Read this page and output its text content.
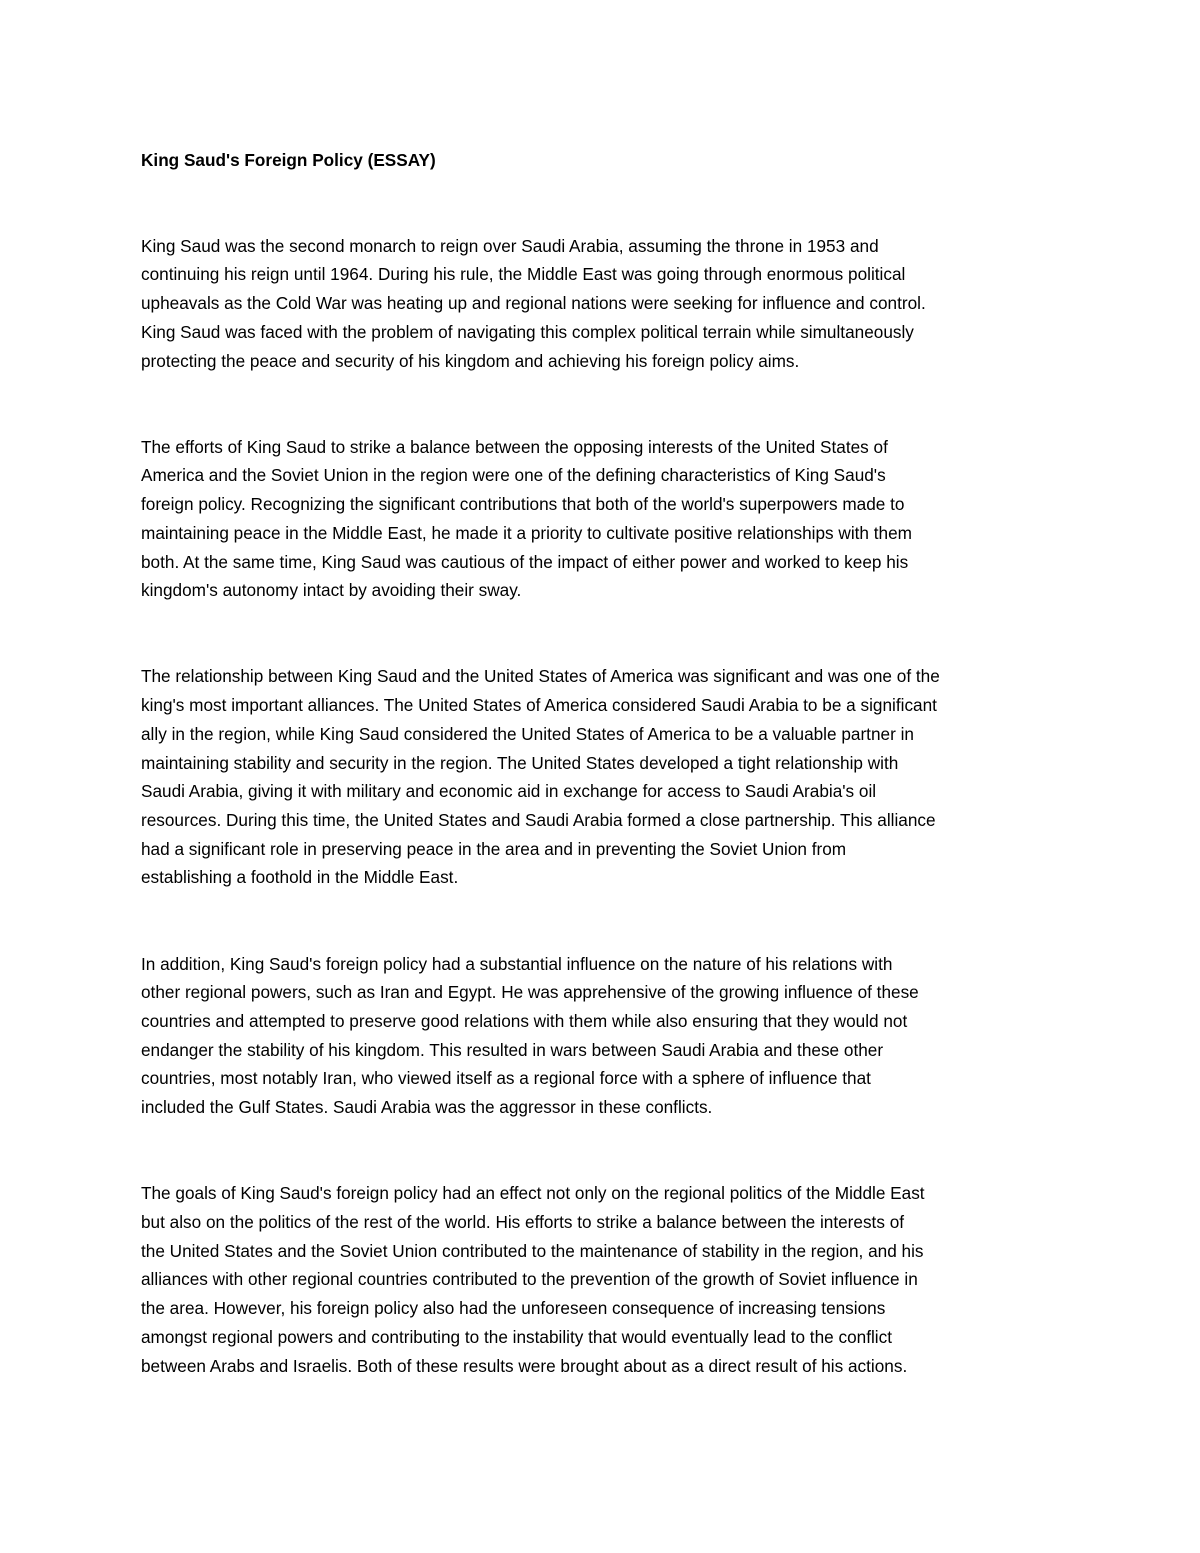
King Saud's Foreign Policy (ESSAY)
King Saud was the second monarch to reign over Saudi Arabia, assuming the throne in 1953 and
continuing his reign until 1964. During his rule, the Middle East was going through enormous political
upheavals as the Cold War was heating up and regional nations were seeking for influence and control.
King Saud was faced with the problem of navigating this complex political terrain while simultaneously
protecting the peace and security of his kingdom and achieving his foreign policy aims.
The efforts of King Saud to strike a balance between the opposing interests of the United States of
America and the Soviet Union in the region were one of the defining characteristics of King Saud's
foreign policy. Recognizing the significant contributions that both of the world's superpowers made to
maintaining peace in the Middle East, he made it a priority to cultivate positive relationships with them
both. At the same time, King Saud was cautious of the impact of either power and worked to keep his
kingdom's autonomy intact by avoiding their sway.
The relationship between King Saud and the United States of America was significant and was one of the
king's most important alliances. The United States of America considered Saudi Arabia to be a significant
ally in the region, while King Saud considered the United States of America to be a valuable partner in
maintaining stability and security in the region. The United States developed a tight relationship with
Saudi Arabia, giving it with military and economic aid in exchange for access to Saudi Arabia's oil
resources. During this time, the United States and Saudi Arabia formed a close partnership. This alliance
had a significant role in preserving peace in the area and in preventing the Soviet Union from
establishing a foothold in the Middle East.
In addition, King Saud's foreign policy had a substantial influence on the nature of his relations with
other regional powers, such as Iran and Egypt. He was apprehensive of the growing influence of these
countries and attempted to preserve good relations with them while also ensuring that they would not
endanger the stability of his kingdom. This resulted in wars between Saudi Arabia and these other
countries, most notably Iran, who viewed itself as a regional force with a sphere of influence that
included the Gulf States. Saudi Arabia was the aggressor in these conflicts.
The goals of King Saud's foreign policy had an effect not only on the regional politics of the Middle East
but also on the politics of the rest of the world. His efforts to strike a balance between the interests of
the United States and the Soviet Union contributed to the maintenance of stability in the region, and his
alliances with other regional countries contributed to the prevention of the growth of Soviet influence in
the area. However, his foreign policy also had the unforeseen consequence of increasing tensions
amongst regional powers and contributing to the instability that would eventually lead to the conflict
between Arabs and Israelis. Both of these results were brought about as a direct result of his actions.
